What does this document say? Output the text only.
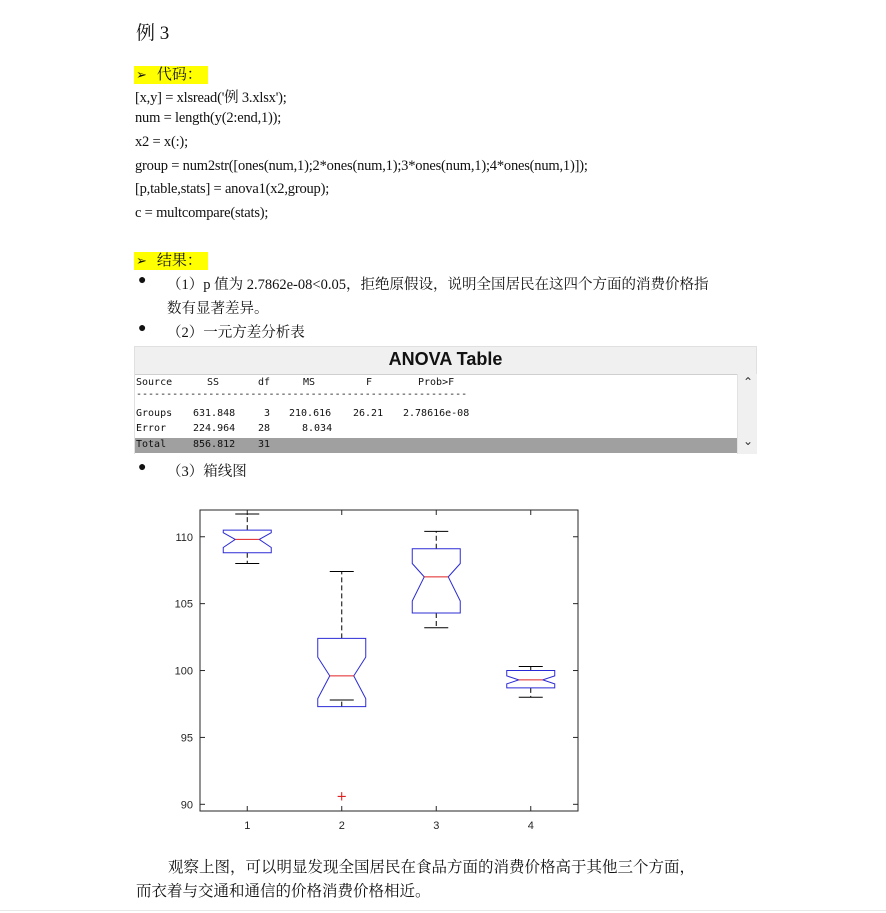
例 3
➢ 代码：
[x,y] = xlsread('例 3.xlsx');
num = length(y(2:end,1));
x2 = x(:);
group = num2str([ones(num,1);2*ones(num,1);3*ones(num,1);4*ones(num,1)]);
[p,table,stats] = anova1(x2,group);
c = multcompare(stats);
➢ 结果：
● （1）p 值为 2.7862e-08<0.05，拒绝原假设，说明全国居民在这四个方面的消费价格指
数有显著差异。
● （2）一元方差分析表
ANOVA Table
Source	SS	df	MS	F	Prob>F
-------------------------------------------------------
Groups 631.848	3 210.616 26.21 2.78616e-08
Error	224.964 28	8.034
Total	856.812 31
⌃
⌄
● （3）箱线图
90
95
100
105
110
1	2	3	4
+
观察上图，可以明显发现全国居民在食品方面的消费价格高于其他三个方面，
而衣着与交通和通信的价格消费价格相近。
